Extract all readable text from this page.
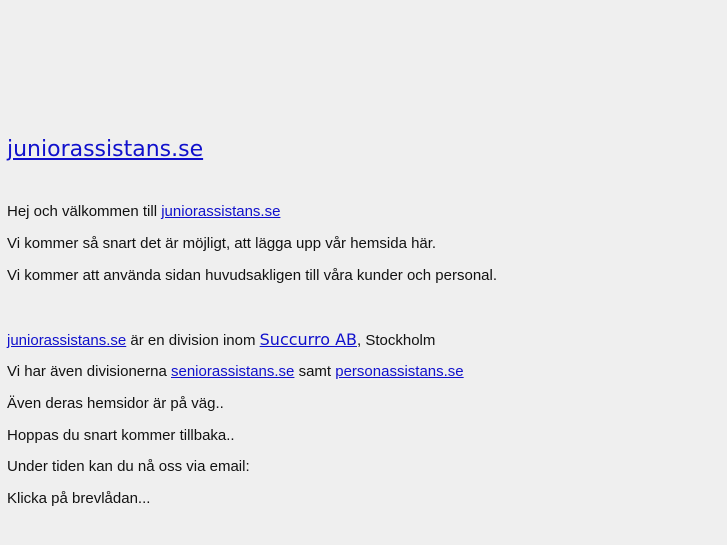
juniorassistans.se
Hej och välkommen till juniorassistans.se
Vi kommer så snart det är möjligt, att lägga upp vår hemsida här.
Vi kommer att använda sidan huvudsakligen till våra kunder och personal.
juniorassistans.se är en division inom Succurro AB, Stockholm
Vi har även divisionerna seniorassistans.se samt personassistans.se
Även deras hemsidor är på väg..
Hoppas du snart kommer tillbaka..
Under tiden kan du nå oss via email:
Klicka på brevlådan...
